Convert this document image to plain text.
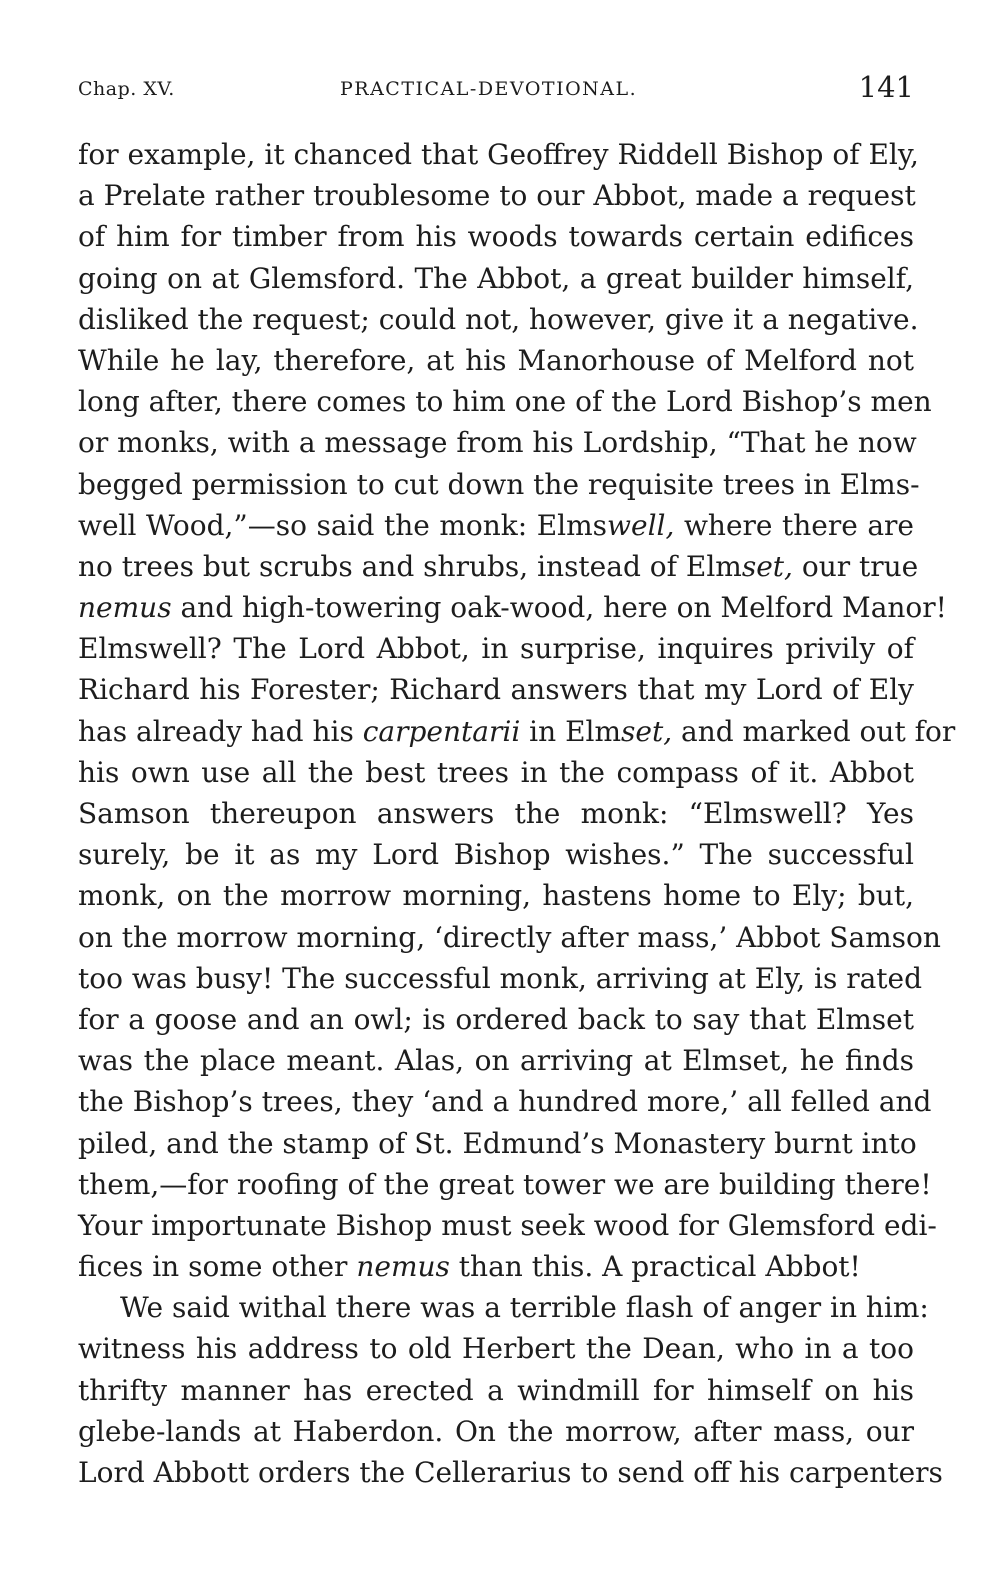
Chap. XV.	PRACTICAL-DEVOTIONAL.	141
for example, it chanced that Geoffrey Riddell Bishop of Ely,
a Prelate rather troublesome to our Abbot, made a request
of him for timber from his woods towards certain edifices
going on at Glemsford. The Abbot, a great builder himself,
disliked the request; could not, however, give it a negative.
While he lay, therefore, at his Manorhouse of Melford not
long after, there comes to him one of the Lord Bishop’s men
or monks, with a message from his Lordship, “That he now
begged permission to cut down the requisite trees in Elms-
well Wood,”—so said the monk: Elmswell, where there are
no trees but scrubs and shrubs, instead of Elmset, our true
nemus and high-towering oak-wood, here on Melford Manor!
Elmswell? The Lord Abbot, in surprise, inquires privily of
Richard his Forester; Richard answers that my Lord of Ely
has already had his carpentarii in Elmset, and marked out for
his own use all the best trees in the compass of it. Abbot
Samson thereupon answers the monk: “Elmswell? Yes
surely, be it as my Lord Bishop wishes.” The successful
monk, on the morrow morning, hastens home to Ely; but,
on the morrow morning, ‘directly after mass,’ Abbot Samson
too was busy! The successful monk, arriving at Ely, is rated
for a goose and an owl; is ordered back to say that Elmset
was the place meant. Alas, on arriving at Elmset, he finds
the Bishop’s trees, they ‘and a hundred more,’ all felled and
piled, and the stamp of St. Edmund’s Monastery burnt into
them,—for roofing of the great tower we are building there!
Your importunate Bishop must seek wood for Glemsford edi-
fices in some other nemus than this. A practical Abbot!
We said withal there was a terrible flash of anger in him:
witness his address to old Herbert the Dean, who in a too
thrifty manner has erected a windmill for himself on his
glebe-lands at Haberdon. On the morrow, after mass, our
Lord Abbott orders the Cellerarius to send off his carpenters
